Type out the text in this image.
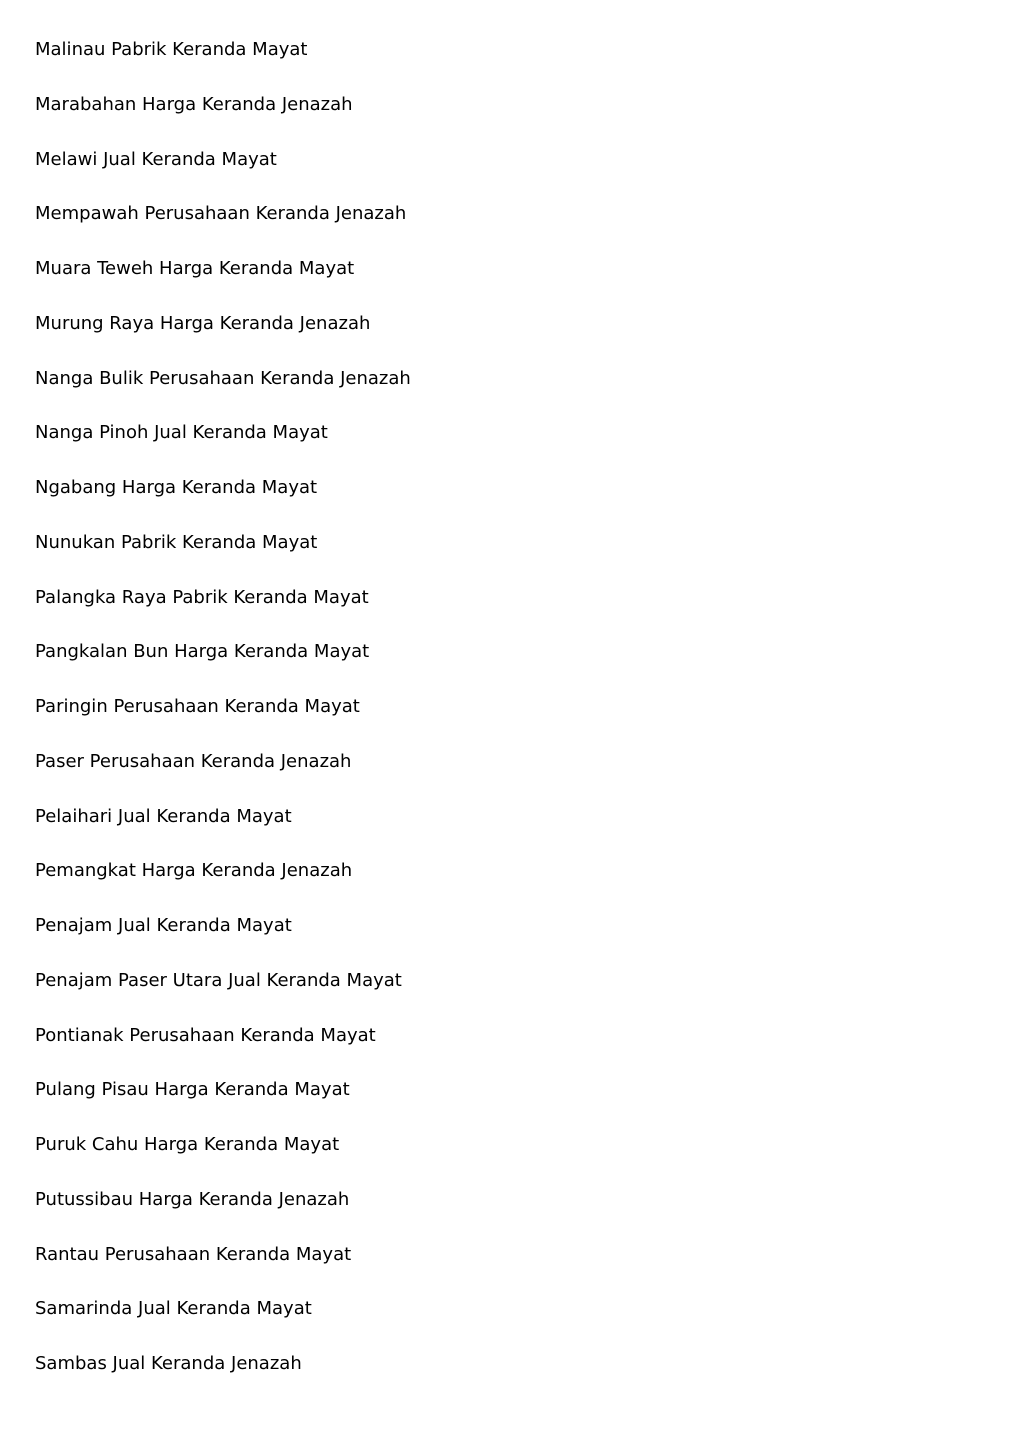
Malinau Pabrik Keranda Mayat
Marabahan Harga Keranda Jenazah
Melawi Jual Keranda Mayat
Mempawah Perusahaan Keranda Jenazah
Muara Teweh Harga Keranda Mayat
Murung Raya Harga Keranda Jenazah
Nanga Bulik Perusahaan Keranda Jenazah
Nanga Pinoh Jual Keranda Mayat
Ngabang Harga Keranda Mayat
Nunukan Pabrik Keranda Mayat
Palangka Raya Pabrik Keranda Mayat
Pangkalan Bun Harga Keranda Mayat
Paringin Perusahaan Keranda Mayat
Paser Perusahaan Keranda Jenazah
Pelaihari Jual Keranda Mayat
Pemangkat Harga Keranda Jenazah
Penajam Jual Keranda Mayat
Penajam Paser Utara Jual Keranda Mayat
Pontianak Perusahaan Keranda Mayat
Pulang Pisau Harga Keranda Mayat
Puruk Cahu Harga Keranda Mayat
Putussibau Harga Keranda Jenazah
Rantau Perusahaan Keranda Mayat
Samarinda Jual Keranda Mayat
Sambas Jual Keranda Jenazah
